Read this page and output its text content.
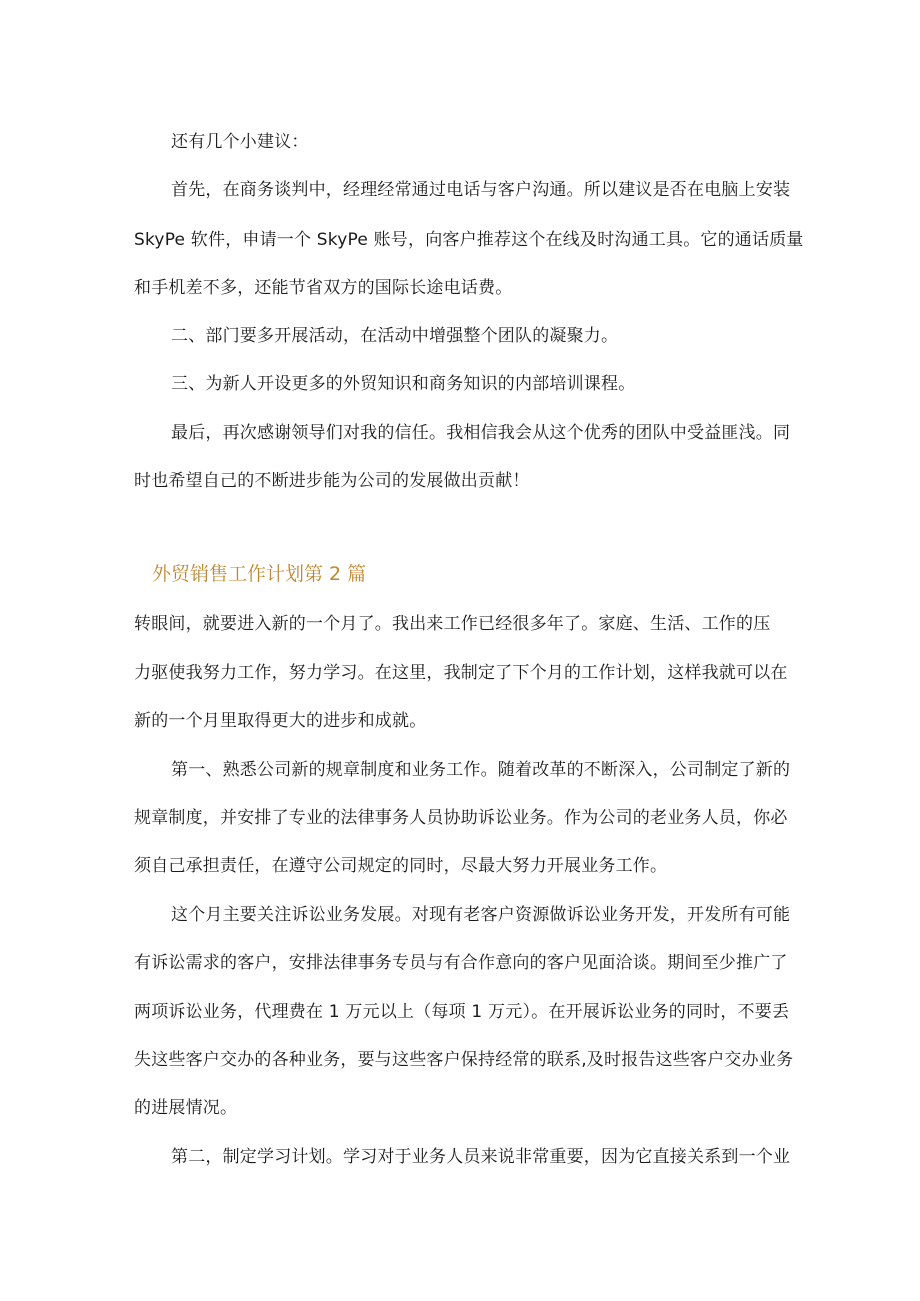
还有几个小建议：
首先，在商务谈判中，经理经常通过电话与客户沟通。所以建议是否在电脑上安装
SkyPe 软件，申请一个 SkyPe 账号，向客户推荐这个在线及时沟通工具。它的通话质量
和手机差不多，还能节省双方的国际长途电话费。
二、部门要多开展活动，在活动中增强整个团队的凝聚力。
三、为新人开设更多的外贸知识和商务知识的内部培训课程。
最后，再次感谢领导们对我的信任。我相信我会从这个优秀的团队中受益匪浅。同
时也希望自己的不断进步能为公司的发展做出贡献！
外贸销售工作计划第 2 篇
转眼间，就要进入新的一个月了。我出来工作已经很多年了。家庭、生活、工作的压
力驱使我努力工作，努力学习。在这里，我制定了下个月的工作计划，这样我就可以在
新的一个月里取得更大的进步和成就。
第一、熟悉公司新的规章制度和业务工作。随着改革的不断深入，公司制定了新的
规章制度，并安排了专业的法律事务人员协助诉讼业务。作为公司的老业务人员，你必
须自己承担责任，在遵守公司规定的同时，尽最大努力开展业务工作。
这个月主要关注诉讼业务发展。对现有老客户资源做诉讼业务开发，开发所有可能
有诉讼需求的客户，安排法律事务专员与有合作意向的客户见面洽谈。期间至少推广了
两项诉讼业务，代理费在 1 万元以上（每项 1 万元）。在开展诉讼业务的同时，不要丢
失这些客户交办的各种业务，要与这些客户保持经常的联系,及时报告这些客户交办业务
的进展情况。
第二，制定学习计划。学习对于业务人员来说非常重要，因为它直接关系到一个业
